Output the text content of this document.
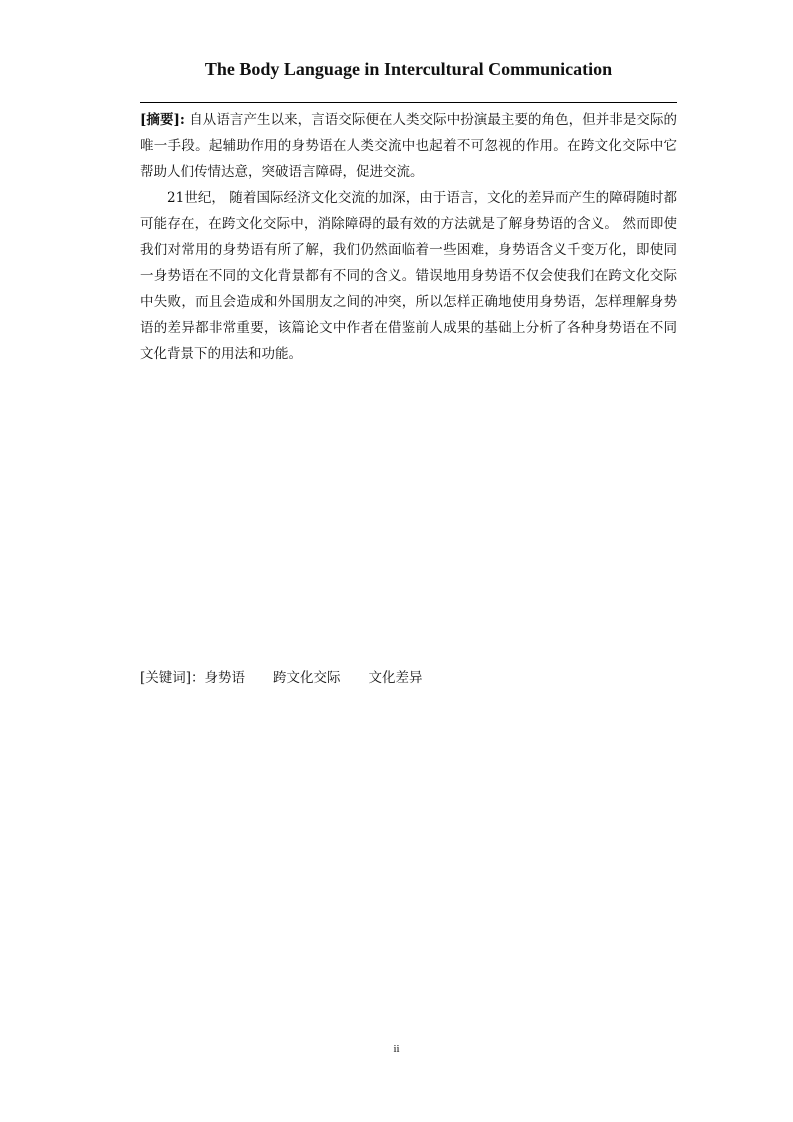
The Body Language in Intercultural Communication

[摘要]: 自从语言产生以来，言语交际便在人类交际中扮演最主要的角色，但并非是交际的唯一手段。起辅助作用的身势语在人类交流中也起着不可忽视的作用。在跨文化交际中它帮助人们传情达意，突破语言障碍，促进交流。

21世纪， 随着国际经济文化交流的加深，由于语言，文化的差异而产生的障碍随时都可能存在，在跨文化交际中，消除障碍的最有效的方法就是了解身势语的含义。 然而即使我们对常用的身势语有所了解，我们仍然面临着一些困难，身势语含义千变万化，即使同一身势语在不同的文化背景都有不同的含义。错误地用身势语不仅会使我们在跨文化交际中失败，而且会造成和外国朋友之间的冲突，所以怎样正确地使用身势语，怎样理解身势语的差异都非常重要，该篇论文中作者在借鉴前人成果的基础上分析了各种身势语在不同文化背景下的用法和功能。

[关键词]：身势语 跨文化交际 文化差异
ii
